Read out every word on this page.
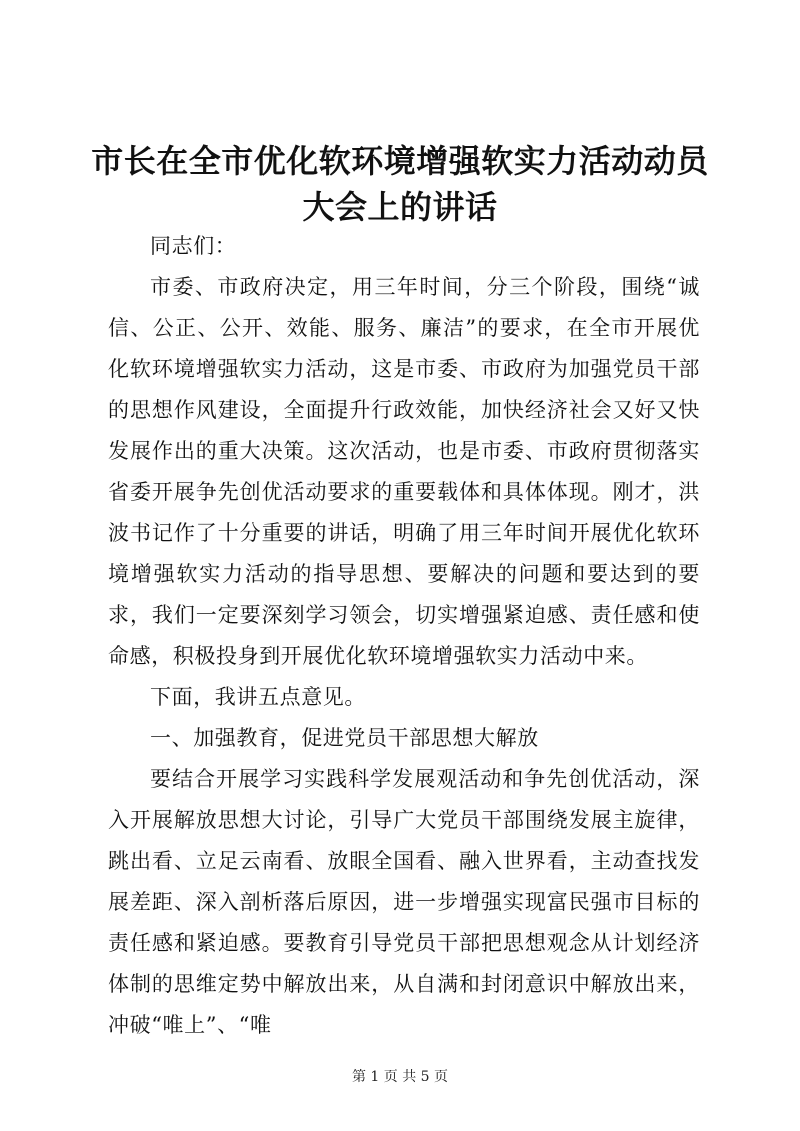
市长在全市优化软环境增强软实力活动动员大会上的讲话

同志们：

市委、市政府决定，用三年时间，分三个阶段，围绕“诚信、公正、公开、效能、服务、廉洁”的要求，在全市开展优化软环境增强软实力活动，这是市委、市政府为加强党员干部的思想作风建设，全面提升行政效能，加快经济社会又好又快发展作出的重大决策。这次活动，也是市委、市政府贯彻落实省委开展争先创优活动要求的重要载体和具体体现。刚才，洪波书记作了十分重要的讲话，明确了用三年时间开展优化软环境增强软实力活动的指导思想、要解决的问题和要达到的要求，我们一定要深刻学习领会，切实增强紧迫感、责任感和使命感，积极投身到开展优化软环境增强软实力活动中来。

下面，我讲五点意见。

一、加强教育，促进党员干部思想大解放

要结合开展学习实践科学发展观活动和争先创优活动，深入开展解放思想大讨论，引导广大党员干部围绕发展主旋律，跳出看、立足云南看、放眼全国看、融入世界看，主动查找发展差距、深入剖析落后原因，进一步增强实现富民强市目标的责任感和紧迫感。要教育引导党员干部把思想观念从计划经济体制的思维定势中解放出来，从自满和封闭意识中解放出来，冲破“唯上”、“唯

第 1 页 共 5 页
